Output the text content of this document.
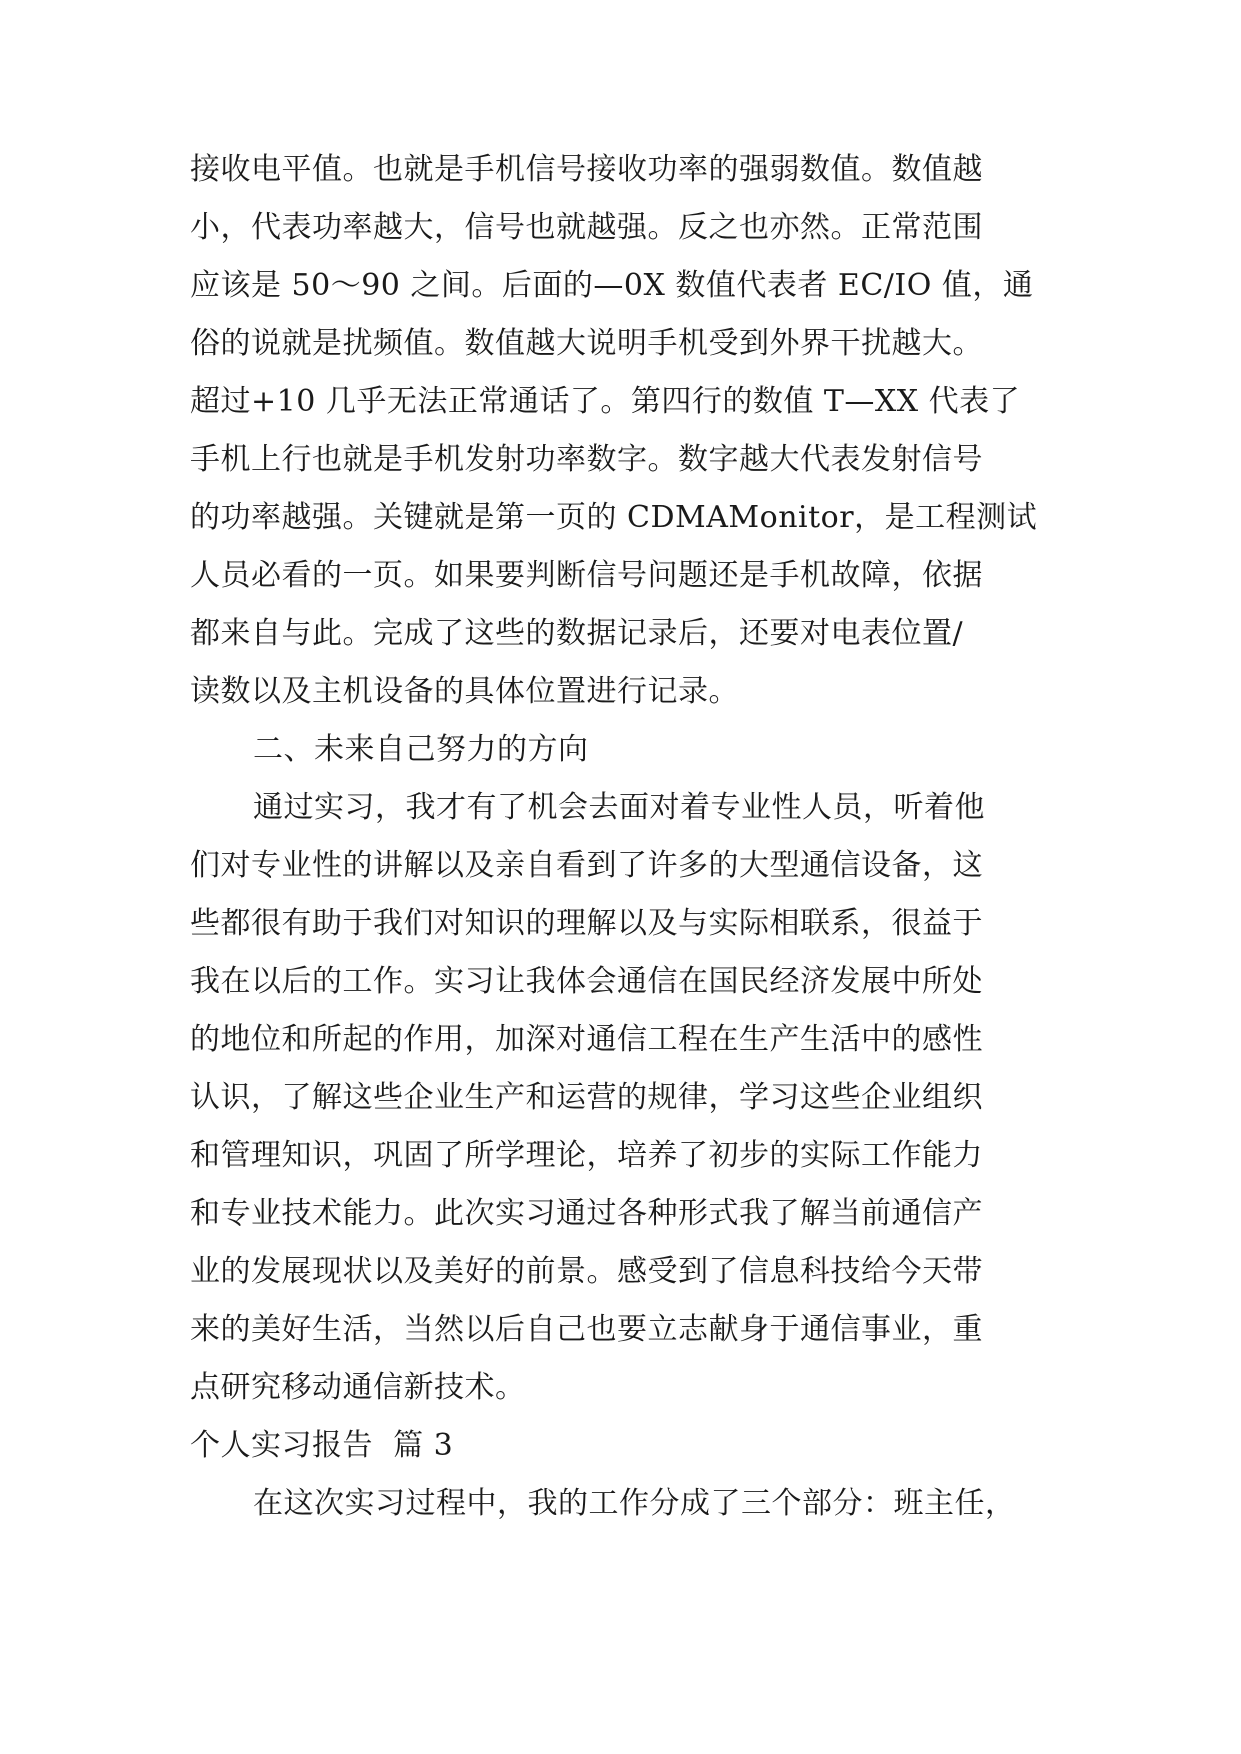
接收电平值。也就是手机信号接收功率的强弱数值。数值越
小，代表功率越大，信号也就越强。反之也亦然。正常范围
应该是 50～90 之间。后面的—0X 数值代表者 EC/IO 值，通
俗的说就是扰频值。数值越大说明手机受到外界干扰越大。
超过+10 几乎无法正常通话了。第四行的数值 T—XX 代表了
手机上行也就是手机发射功率数字。数字越大代表发射信号
的功率越强。关键就是第一页的 CDMAMonitor，是工程测试
人员必看的一页。如果要判断信号问题还是手机故障，依据
都来自与此。完成了这些的数据记录后，还要对电表位置/
读数以及主机设备的具体位置进行记录。
二、未来自己努力的方向
通过实习，我才有了机会去面对着专业性人员，听着他
们对专业性的讲解以及亲自看到了许多的大型通信设备，这
些都很有助于我们对知识的理解以及与实际相联系，很益于
我在以后的工作。实习让我体会通信在国民经济发展中所处
的地位和所起的作用，加深对通信工程在生产生活中的感性
认识，了解这些企业生产和运营的规律，学习这些企业组织
和管理知识，巩固了所学理论，培养了初步的实际工作能力
和专业技术能力。此次实习通过各种形式我了解当前通信产
业的发展现状以及美好的前景。感受到了信息科技给今天带
来的美好生活，当然以后自己也要立志献身于通信事业，重
点研究移动通信新技术。
个人实习报告  篇 3
在这次实习过程中，我的工作分成了三个部分：班主任，
